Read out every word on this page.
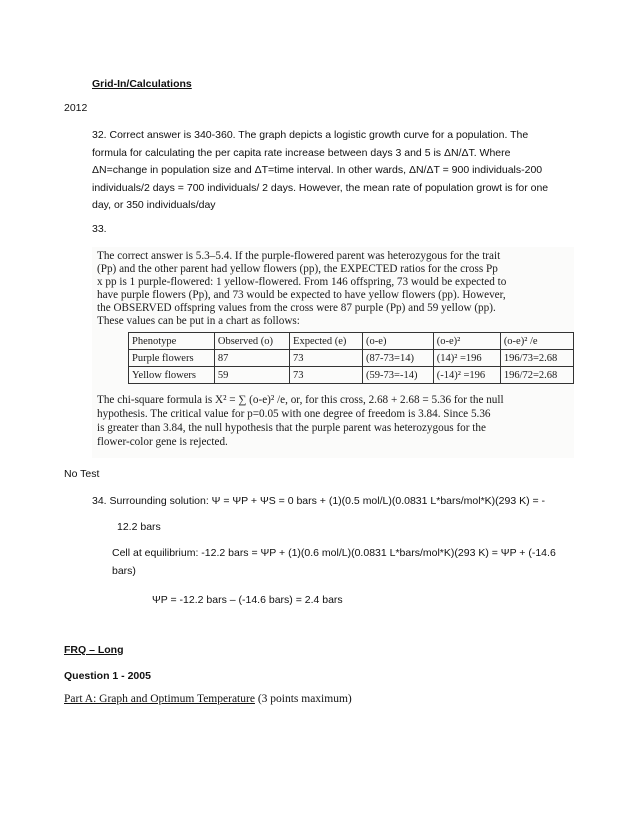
Grid-In/Calculations
2012
32. Correct answer is 340-360. The graph depicts a logistic growth curve for a population. The
formula for calculating the per capita rate increase between days 3 and 5 is ΔN/ΔT. Where
ΔN=change in population size and ΔT=time interval. In other wards, ΔN/ΔT = 900 individuals-200
individuals/2 days = 700 individuals/ 2 days. However, the mean rate of population growt is for one
day, or 350 individuals/day
33.
The correct answer is 5.3–5.4. If the purple-flowered parent was heterozygous for the trait
(Pp) and the other parent had yellow flowers (pp), the EXPECTED ratios for the cross Pp
x pp is 1 purple-flowered: 1 yellow-flowered. From 146 offspring, 73 would be expected to
have purple flowers (Pp), and 73 would be expected to have yellow flowers (pp). However,
the OBSERVED offspring values from the cross were 87 purple (Pp) and 59 yellow (pp).
These values can be put in a chart as follows:
Phenotype	Observed (o)	Expected (e)	(o-e)	(o-e)²	(o-e)² /e
Purple flowers	87	73	(87-73=14)	(14)² =196	196/73=2.68
Yellow flowers	59	73	(59-73=-14)	(-14)² =196	196/72=2.68
The chi-square formula is X² = ∑ (o-e)² /e, or, for this cross, 2.68 + 2.68 = 5.36 for the null
hypothesis. The critical value for p=0.05 with one degree of freedom is 3.84. Since 5.36
is greater than 3.84, the null hypothesis that the purple parent was heterozygous for the
flower-color gene is rejected.
No Test
34. Surrounding solution: Ψ = ΨP + ΨS = 0 bars + (1)(0.5 mol/L)(0.0831 L*bars/mol*K)(293 K) = -
12.2 bars
Cell at equilibrium: -12.2 bars = ΨP + (1)(0.6 mol/L)(0.0831 L*bars/mol*K)(293 K) = ΨP + (-14.6
bars)
ΨP = -12.2 bars – (-14.6 bars) = 2.4 bars
FRQ – Long
Question 1 - 2005
Part A: Graph and Optimum Temperature (3 points maximum)
